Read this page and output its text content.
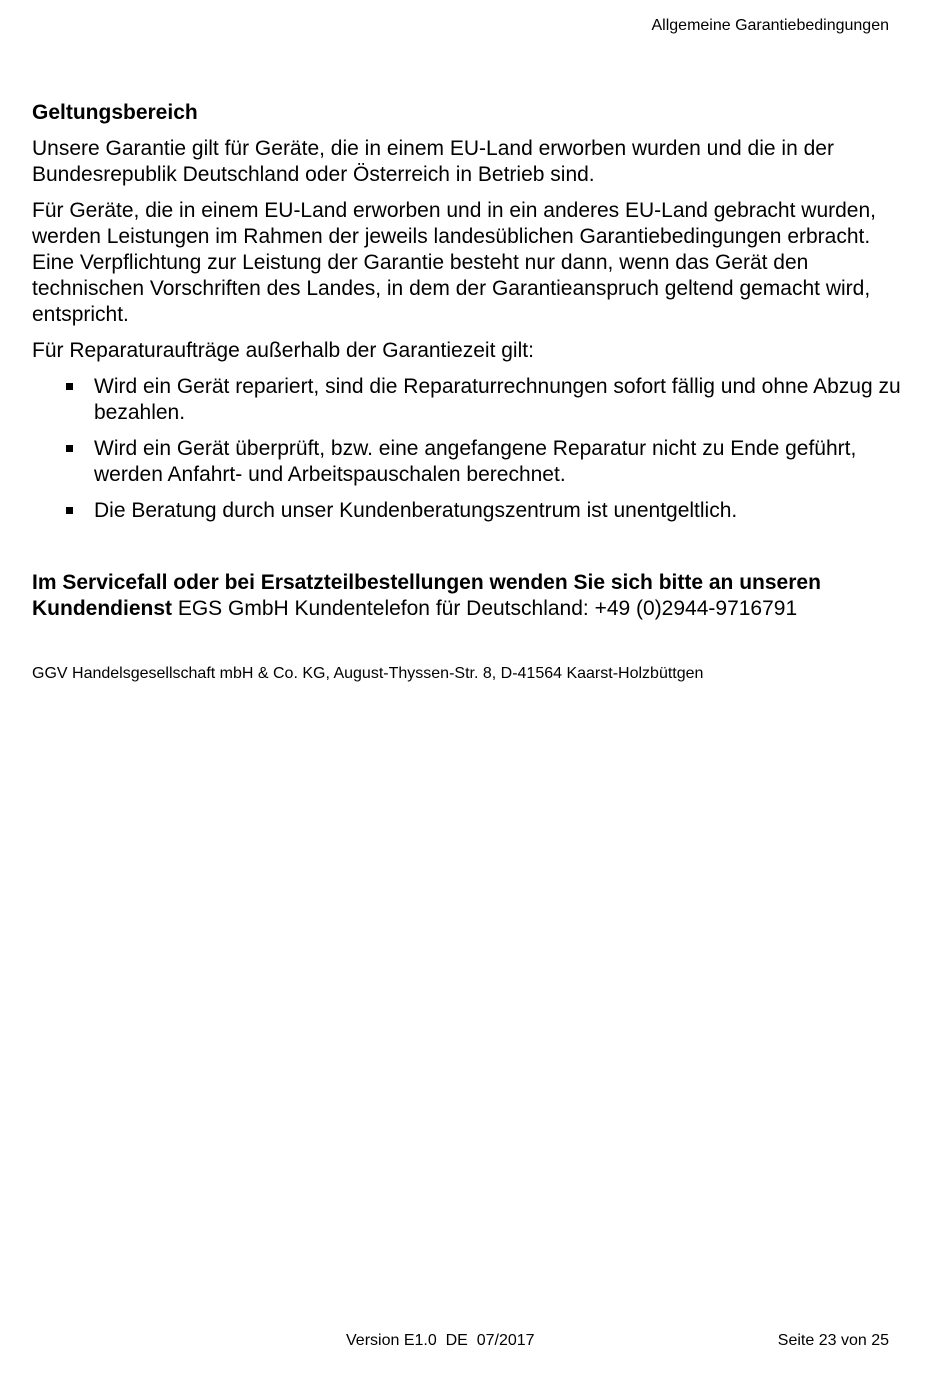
Allgemeine Garantiebedingungen
Geltungsbereich

Unsere Garantie gilt für Geräte, die in einem EU-Land erworben wurden und die in der Bundesrepublik Deutschland oder Österreich in Betrieb sind.

Für Geräte, die in einem EU-Land erworben und in ein anderes EU-Land gebracht wurden, werden Leistungen im Rahmen der jeweils landesüblichen Garantiebedingungen erbracht. Eine Verpflichtung zur Leistung der Garantie besteht nur dann, wenn das Gerät den technischen Vorschriften des Landes, in dem der Garantieanspruch geltend gemacht wird, entspricht.

Für Reparaturaufträge außerhalb der Garantiezeit gilt:

Wird ein Gerät repariert, sind die Reparaturrechnungen sofort fällig und ohne Abzug zu bezahlen.
Wird ein Gerät überprüft, bzw. eine angefangene Reparatur nicht zu Ende geführt, werden Anfahrt- und Arbeitspauschalen berechnet.
Die Beratung durch unser Kundenberatungszentrum ist unentgeltlich.
Im Servicefall oder bei Ersatzteilbestellungen wenden Sie sich bitte an unseren Kundendienst EGS GmbH Kundentelefon für Deutschland: +49 (0)2944-9716791
GGV Handelsgesellschaft mbH & Co. KG, August-Thyssen-Str. 8, D-41564 Kaarst-Holzbüttgen
Version E1.0  DE  07/2017	Seite 23 von 25
